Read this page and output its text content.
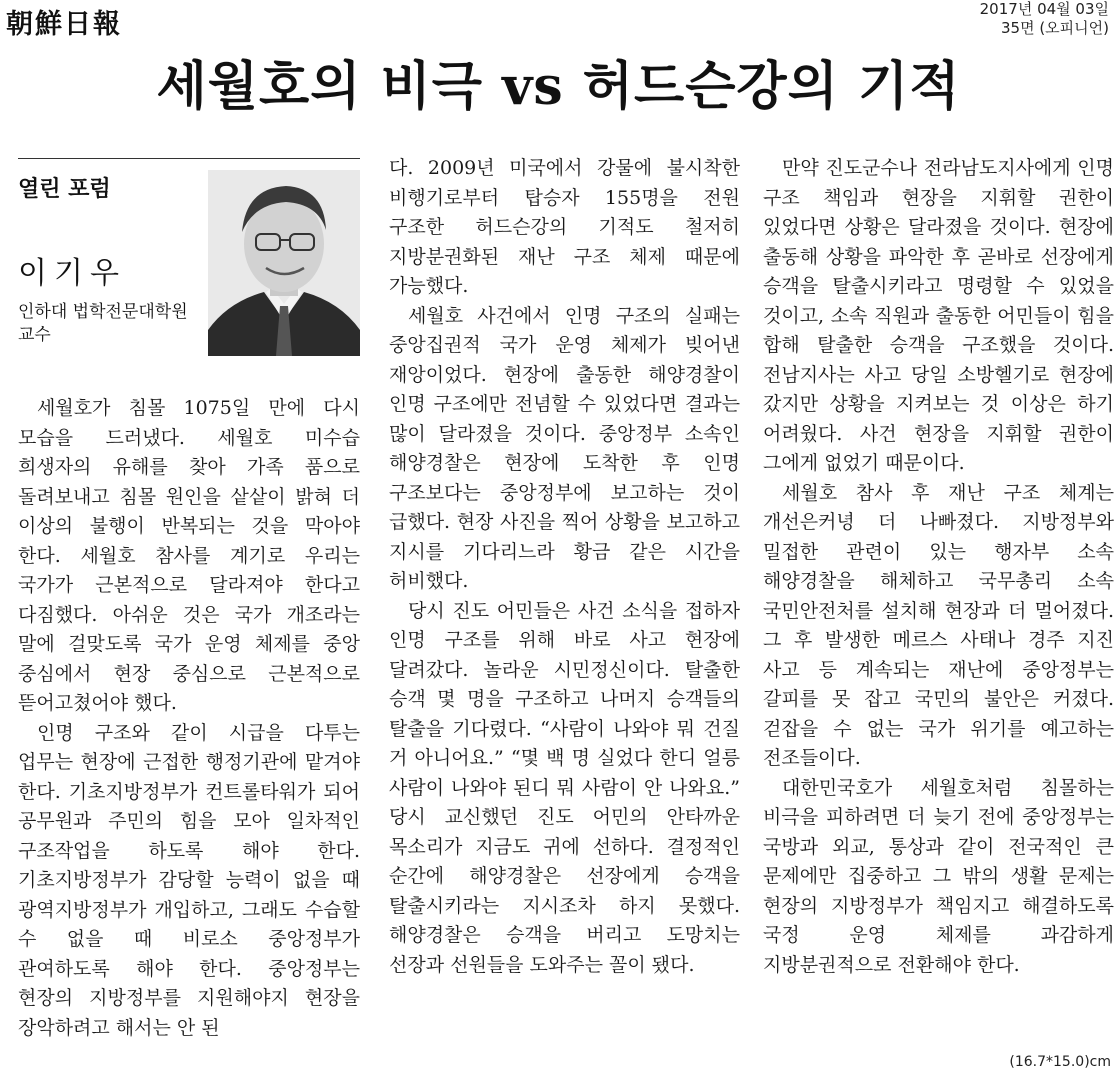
朝鮮日報	2017년 04월 03일
35면 (오피니언)
세월호의 비극 vs 허드슨강의 기적
열린 포럼
이기우
인하대 법학전문대학원
교수

세월호가 침몰 1075일 만에 다시 모습을 드러냈다. 세월호 미수습 희생자의 유해를 찾아 가족 품으로 돌려보내고 침몰 원인을 샅샅이 밝혀 더 이상의 불행이 반복되는 것을 막아야 한다. 세월호 참사를 계기로 우리는 국가가 근본적으로 달라져야 한다고 다짐했다. 아쉬운 것은 국가 개조라는 말에 걸맞도록 국가 운영 체제를 중앙 중심에서 현장 중심으로 근본적으로 뜯어고쳤어야 했다.

인명 구조와 같이 시급을 다투는 업무는 현장에 근접한 행정기관에 맡겨야 한다. 기초지방정부가 컨트롤타워가 되어 공무원과 주민의 힘을 모아 일차적인 구조작업을 하도록 해야 한다. 기초지방정부가 감당할 능력이 없을 때 광역지방정부가 개입하고, 그래도 수습할 수 없을 때 비로소 중앙정부가 관여하도록 해야 한다. 중앙정부는 현장의 지방정부를 지원해야지 현장을 장악하려고 해서는 안 된

다. 2009년 미국에서 강물에 불시착한 비행기로부터 탑승자 155명을 전원 구조한 허드슨강의 기적도 철저히 지방분권화된 재난 구조 체제 때문에 가능했다.

세월호 사건에서 인명 구조의 실패는 중앙집권적 국가 운영 체제가 빚어낸 재앙이었다. 현장에 출동한 해양경찰이 인명 구조에만 전념할 수 있었다면 결과는 많이 달라졌을 것이다. 중앙정부 소속인 해양경찰은 현장에 도착한 후 인명 구조보다는 중앙정부에 보고하는 것이 급했다. 현장 사진을 찍어 상황을 보고하고 지시를 기다리느라 황금 같은 시간을 허비했다.

당시 진도 어민들은 사건 소식을 접하자 인명 구조를 위해 바로 사고 현장에 달려갔다. 놀라운 시민정신이다. 탈출한 승객 몇 명을 구조하고 나머지 승객들의 탈출을 기다렸다. “사람이 나와야 뭐 건질 거 아니어요.” “몇 백 명 실었다 한디 얼릉 사람이 나와야 된디 뭐 사람이 안 나와요.” 당시 교신했던 진도 어민의 안타까운 목소리가 지금도 귀에 선하다. 결정적인 순간에 해양경찰은 선장에게 승객을 탈출시키라는 지시조차 하지 못했다. 해양경찰은 승객을 버리고 도망치는 선장과 선원들을 도와주는 꼴이 됐다.

만약 진도군수나 전라남도지사에게 인명 구조 책임과 현장을 지휘할 권한이 있었다면 상황은 달라졌을 것이다. 현장에 출동해 상황을 파악한 후 곧바로 선장에게 승객을 탈출시키라고 명령할 수 있었을 것이고, 소속 직원과 출동한 어민들이 힘을 합해 탈출한 승객을 구조했을 것이다. 전남지사는 사고 당일 소방헬기로 현장에 갔지만 상황을 지켜보는 것 이상은 하기 어려웠다. 사건 현장을 지휘할 권한이 그에게 없었기 때문이다.

세월호 참사 후 재난 구조 체계는 개선은커녕 더 나빠졌다. 지방정부와 밀접한 관련이 있는 행자부 소속 해양경찰을 해체하고 국무총리 소속 국민안전처를 설치해 현장과 더 멀어졌다. 그 후 발생한 메르스 사태나 경주 지진 사고 등 계속되는 재난에 중앙정부는 갈피를 못 잡고 국민의 불안은 커졌다. 걷잡을 수 없는 국가 위기를 예고하는 전조들이다.

대한민국호가 세월호처럼 침몰하는 비극을 피하려면 더 늦기 전에 중앙정부는 국방과 외교, 통상과 같이 전국적인 큰 문제에만 집중하고 그 밖의 생활 문제는 현장의 지방정부가 책임지고 해결하도록 국정 운영 체제를 과감하게 지방분권적으로 전환해야 한다.

(16.7*15.0)cm
